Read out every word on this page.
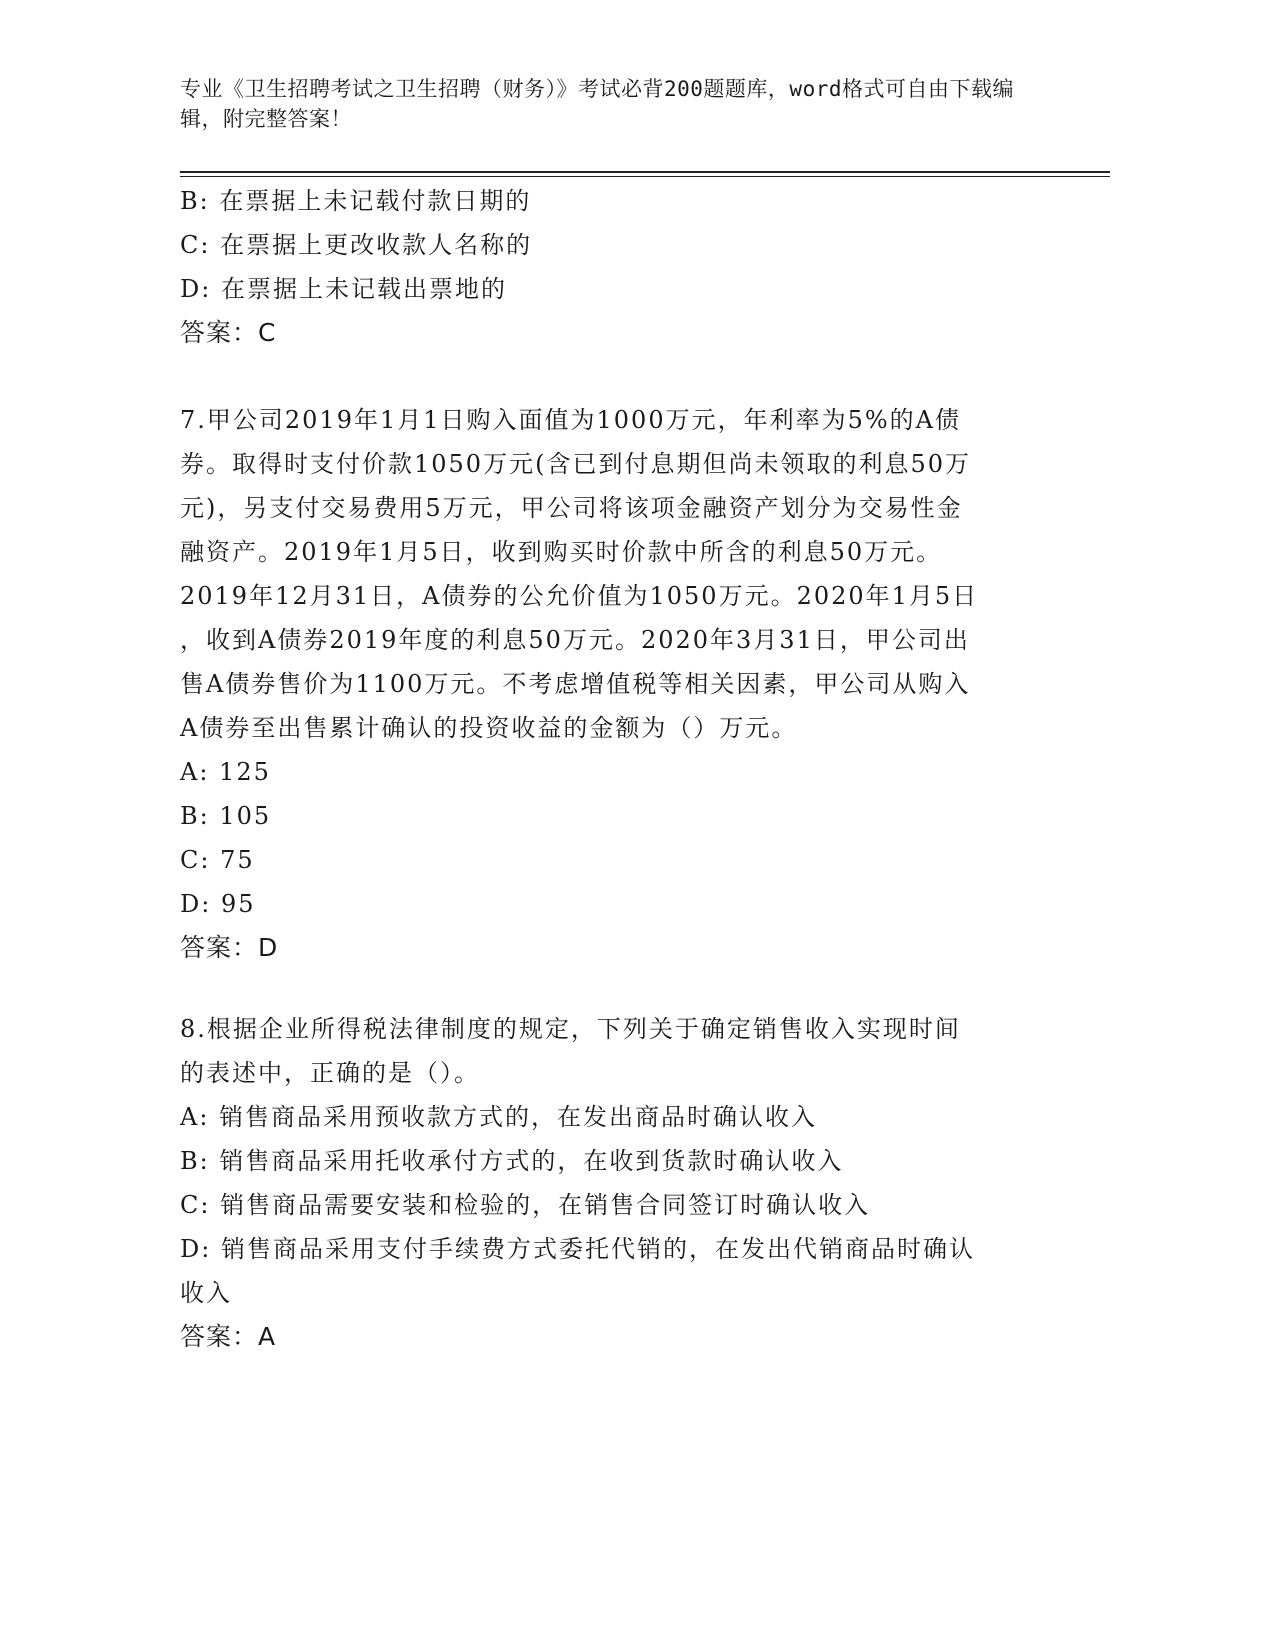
专业《卫生招聘考试之卫生招聘（财务）》考试必背200题题库，word格式可自由下载编辑，附完整答案！
B: 在票据上未记载付款日期的
C: 在票据上更改收款人名称的
D: 在票据上未记载出票地的
答案：C
7.甲公司2019年1月1日购入面值为1000万元，年利率为5%的A债
券。取得时支付价款1050万元(含已到付息期但尚未领取的利息50万
元)，另支付交易费用5万元，甲公司将该项金融资产划分为交易性金
融资产。2019年1月5日，收到购买时价款中所含的利息50万元。
2019年12月31日，A债券的公允价值为1050万元。2020年1月5日
，收到A债券2019年度的利息50万元。2020年3月31日，甲公司出
售A债券售价为1100万元。不考虑增值税等相关因素，甲公司从购入
A债券至出售累计确认的投资收益的金额为（）万元。
A: 125
B: 105
C: 75
D: 95
答案：D
8.根据企业所得税法律制度的规定，下列关于确定销售收入实现时间
的表述中，正确的是（）。
A: 销售商品采用预收款方式的，在发出商品时确认收入
B: 销售商品采用托收承付方式的，在收到货款时确认收入
C: 销售商品需要安装和检验的，在销售合同签订时确认收入
D: 销售商品采用支付手续费方式委托代销的，在发出代销商品时确认
收入
答案：A
